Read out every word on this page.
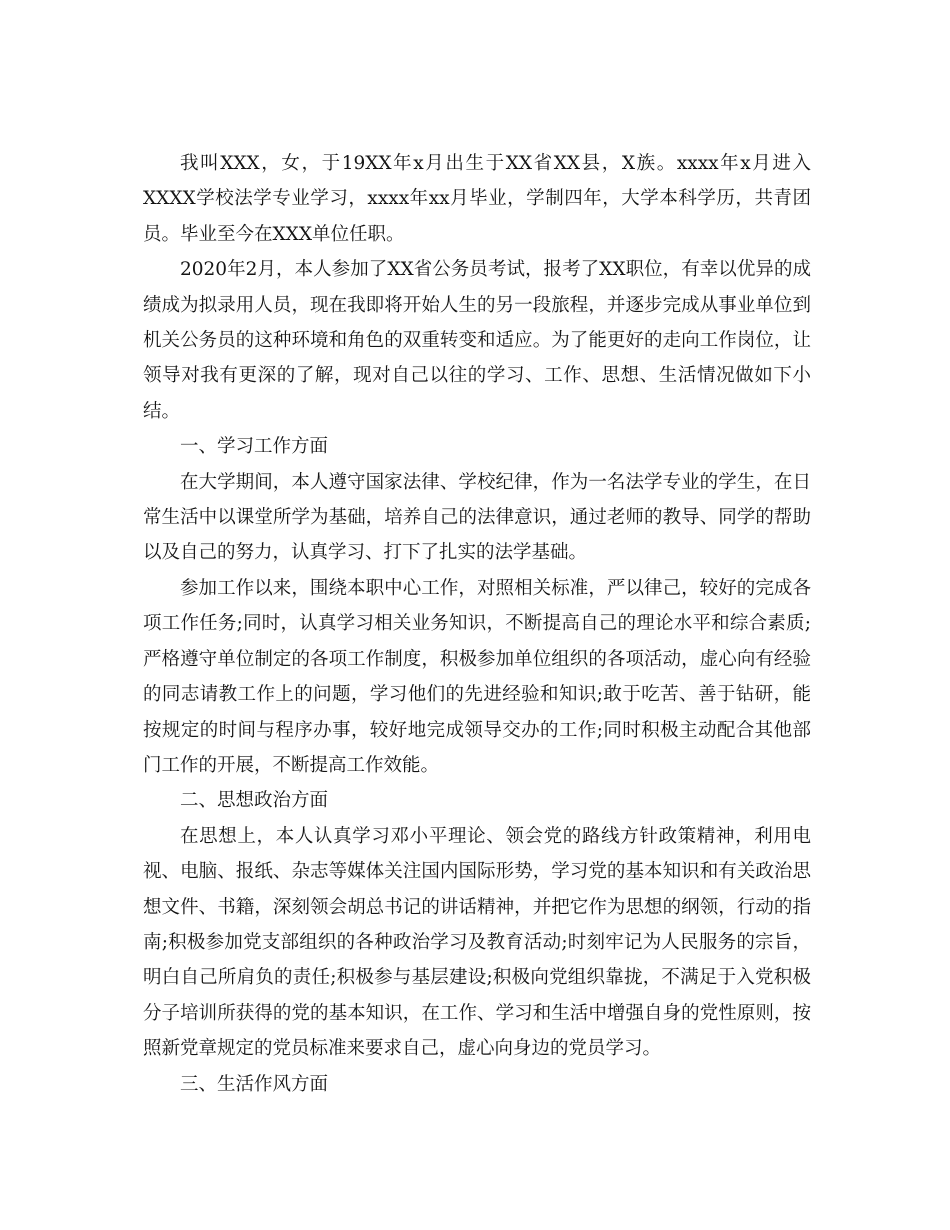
我叫XXX，女，于19XX年x月出生于XX省XX县，X族。xxxx年x月进入XXXX学校法学专业学习，xxxx年xx月毕业，学制四年，大学本科学历，共青团员。毕业至今在XXX单位任职。

2020年2月，本人参加了XX省公务员考试，报考了XX职位，有幸以优异的成绩成为拟录用人员，现在我即将开始人生的另一段旅程，并逐步完成从事业单位到机关公务员的这种环境和角色的双重转变和适应。为了能更好的走向工作岗位，让领导对我有更深的了解，现对自己以往的学习、工作、思想、生活情况做如下小结。

一、学习工作方面

在大学期间，本人遵守国家法律、学校纪律，作为一名法学专业的学生，在日常生活中以课堂所学为基础，培养自己的法律意识，通过老师的教导、同学的帮助以及自己的努力，认真学习、打下了扎实的法学基础。

参加工作以来，围绕本职中心工作，对照相关标准，严以律己，较好的完成各项工作任务;同时，认真学习相关业务知识，不断提高自己的理论水平和综合素质;严格遵守单位制定的各项工作制度，积极参加单位组织的各项活动，虚心向有经验的同志请教工作上的问题，学习他们的先进经验和知识;敢于吃苦、善于钻研，能按规定的时间与程序办事，较好地完成领导交办的工作;同时积极主动配合其他部门工作的开展，不断提高工作效能。

二、思想政治方面

在思想上，本人认真学习邓小平理论、领会党的路线方针政策精神，利用电视、电脑、报纸、杂志等媒体关注国内国际形势，学习党的基本知识和有关政治思想文件、书籍，深刻领会胡总书记的讲话精神，并把它作为思想的纲领，行动的指南;积极参加党支部组织的各种政治学习及教育活动;时刻牢记为人民服务的宗旨，明白自己所肩负的责任;积极参与基层建设;积极向党组织靠拢，不满足于入党积极分子培训所获得的党的基本知识，在工作、学习和生活中增强自身的党性原则，按照新党章规定的党员标准来要求自己，虚心向身边的党员学习。

三、生活作风方面
